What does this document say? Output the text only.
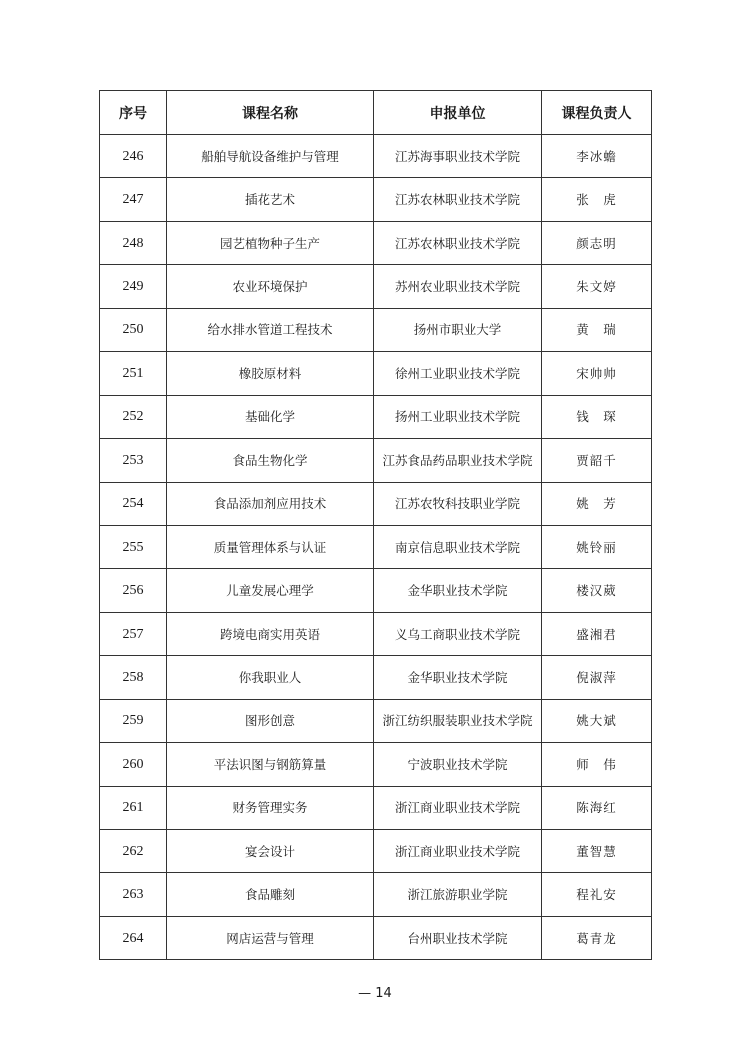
序号	课程名称	申报单位	课程负责人
246	船舶导航设备维护与管理	江苏海事职业技术学院	李冰蟾
247	插花艺术	江苏农林职业技术学院	张　虎
248	园艺植物种子生产	江苏农林职业技术学院	颜志明
249	农业环境保护	苏州农业职业技术学院	朱文婷
250	给水排水管道工程技术	扬州市职业大学	黄　瑞
251	橡胶原材料	徐州工业职业技术学院	宋帅帅
252	基础化学	扬州工业职业技术学院	钱　琛
253	食品生物化学	江苏食品药品职业技术学院	贾韶千
254	食品添加剂应用技术	江苏农牧科技职业学院	姚　芳
255	质量管理体系与认证	南京信息职业技术学院	姚铃丽
256	儿童发展心理学	金华职业技术学院	楼汉葳
257	跨境电商实用英语	义乌工商职业技术学院	盛湘君
258	你我职业人	金华职业技术学院	倪淑萍
259	图形创意	浙江纺织服装职业技术学院	姚大斌
260	平法识图与钢筋算量	宁波职业技术学院	师　伟
261	财务管理实务	浙江商业职业技术学院	陈海红
262	宴会设计	浙江商业职业技术学院	董智慧
263	食品雕刻	浙江旅游职业学院	程礼安
264	网店运营与管理	台州职业技术学院	葛青龙
— 14
